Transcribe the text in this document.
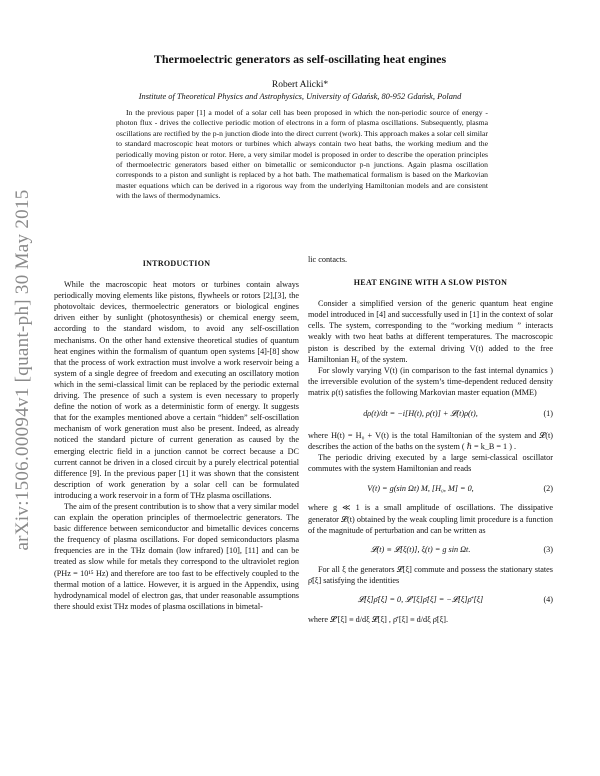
arXiv:1506.00094v1 [quant-ph] 30 May 2015
Thermoelectric generators as self-oscillating heat engines
Robert Alicki*
Institute of Theoretical Physics and Astrophysics, University of Gdańsk, 80-952 Gdańsk, Poland

In the previous paper [1] a model of a solar cell has been proposed in which the non-periodic source of energy - photon flux - drives the collective periodic motion of electrons in a form of plasma oscillations. Subsequently, plasma oscillations are rectified by the p-n junction diode into the direct current (work). This approach makes a solar cell similar to standard macroscopic heat motors or turbines which always contain two heat baths, the working medium and the periodically moving piston or rotor. Here, a very similar model is proposed in order to describe the operation principles of thermoelectric generators based either on bimetallic or semiconductor p-n junctions. Again plasma oscillation corresponds to a piston and sunlight is replaced by a hot bath. The mathematical formalism is based on the Markovian master equations which can be derived in a rigorous way from the underlying Hamiltonian models and are consistent with the laws of thermodynamics.

INTRODUCTION

While the macroscopic heat motors or turbines contain always periodically moving elements like pistons, flywheels or rotors [2],[3], the photovoltaic devices, thermoelectric generators or biological engines driven either by sunlight (photosynthesis) or chemical energy seem, according to the standard wisdom, to avoid any self-oscillation mechanisms. On the other hand extensive theoretical studies of quantum heat engines within the formalism of quantum open systems [4]-[8] show that the process of work extraction must involve a work reservoir being a system of a single degree of freedom and executing an oscillatory motion which in the semi-classical limit can be replaced by the periodic external driving. The presence of such a system is even necessary to properly define the notion of work as a deterministic form of energy. It suggests that for the examples mentioned above a certain “hidden” self-oscillation mechanism of work generation must also be present. Indeed, as already noticed the standard picture of current generation as caused by the emerging electric field in a junction cannot be correct because a DC current cannot be driven in a closed circuit by a purely electrical potential difference [9]. In the previous paper [1] it was shown that the consistent description of work generation by a solar cell can be formulated introducing a work reservoir in a form of THz plasma oscillations.

The aim of the present contribution is to show that a very similar model can explain the operation principles of thermoelectric generators. The basic difference between semiconductor and bimetallic devices concerns the frequency of plasma oscillations. For doped semiconductors plasma frequencies are in the THz domain (low infrared) [10], [11] and can be treated as slow while for metals they correspond to the ultraviolet region (PHz = 10¹⁵ Hz) and therefore are too fast to be effectively coupled to the thermal motion of a lattice. However, it is argued in the Appendix, using hydrodynamical model of electron gas, that under reasonable assumptions there should exist THz modes of plasma oscillations in bimetal-

lic contacts.

HEAT ENGINE WITH A SLOW PISTON

Consider a simplified version of the generic quantum heat engine model introduced in [4] and successfully used in [1] in the context of solar cells. The system, corresponding to the “working medium ” interacts weakly with two heat baths at different temperatures. The macroscopic piston is described by the external driving V(t) added to the free Hamiltonian H₀ of the system.

For slowly varying V(t) (in comparison to the fast internal dynamics ) the irreversible evolution of the system’s time-dependent reduced density matrix ρ(t) satisfies the following Markovian master equation (MME)

dρ(t)/dt = −i[H(t), ρ(t)] + 𝓛(t)ρ(t),	(1)

where H(t) = H₀ + V(t) is the total Hamiltonian of the system and 𝓛(t) describes the action of the baths on the system ( ℏ = k_B = 1 ) .

The periodic driving executed by a large semi-classical oscillator commutes with the system Hamiltonian and reads

V(t) = g(sin Ωt) M, [H₀, M] = 0,	(2)

where g ≪ 1 is a small amplitude of oscillations. The dissipative generator 𝓛(t) obtained by the weak coupling limit procedure is a function of the magnitude of perturbation and can be written as

𝓛(t) ≡ 𝓛[ξ(t)], ξ(t) = g sin Ωt.	(3)

For all ξ the generators 𝓛[ξ] commute and possess the stationary states ρ̄[ξ] satisfying the identities

𝓛[ξ]ρ̄[ξ] = 0, 𝓛′[ξ]ρ̄[ξ] = −𝓛[ξ]ρ̄′[ξ]	(4)

where 𝓛′[ξ] ≡ d/dξ 𝓛[ξ] , ρ̄′[ξ] ≡ d/dξ ρ̄[ξ].
